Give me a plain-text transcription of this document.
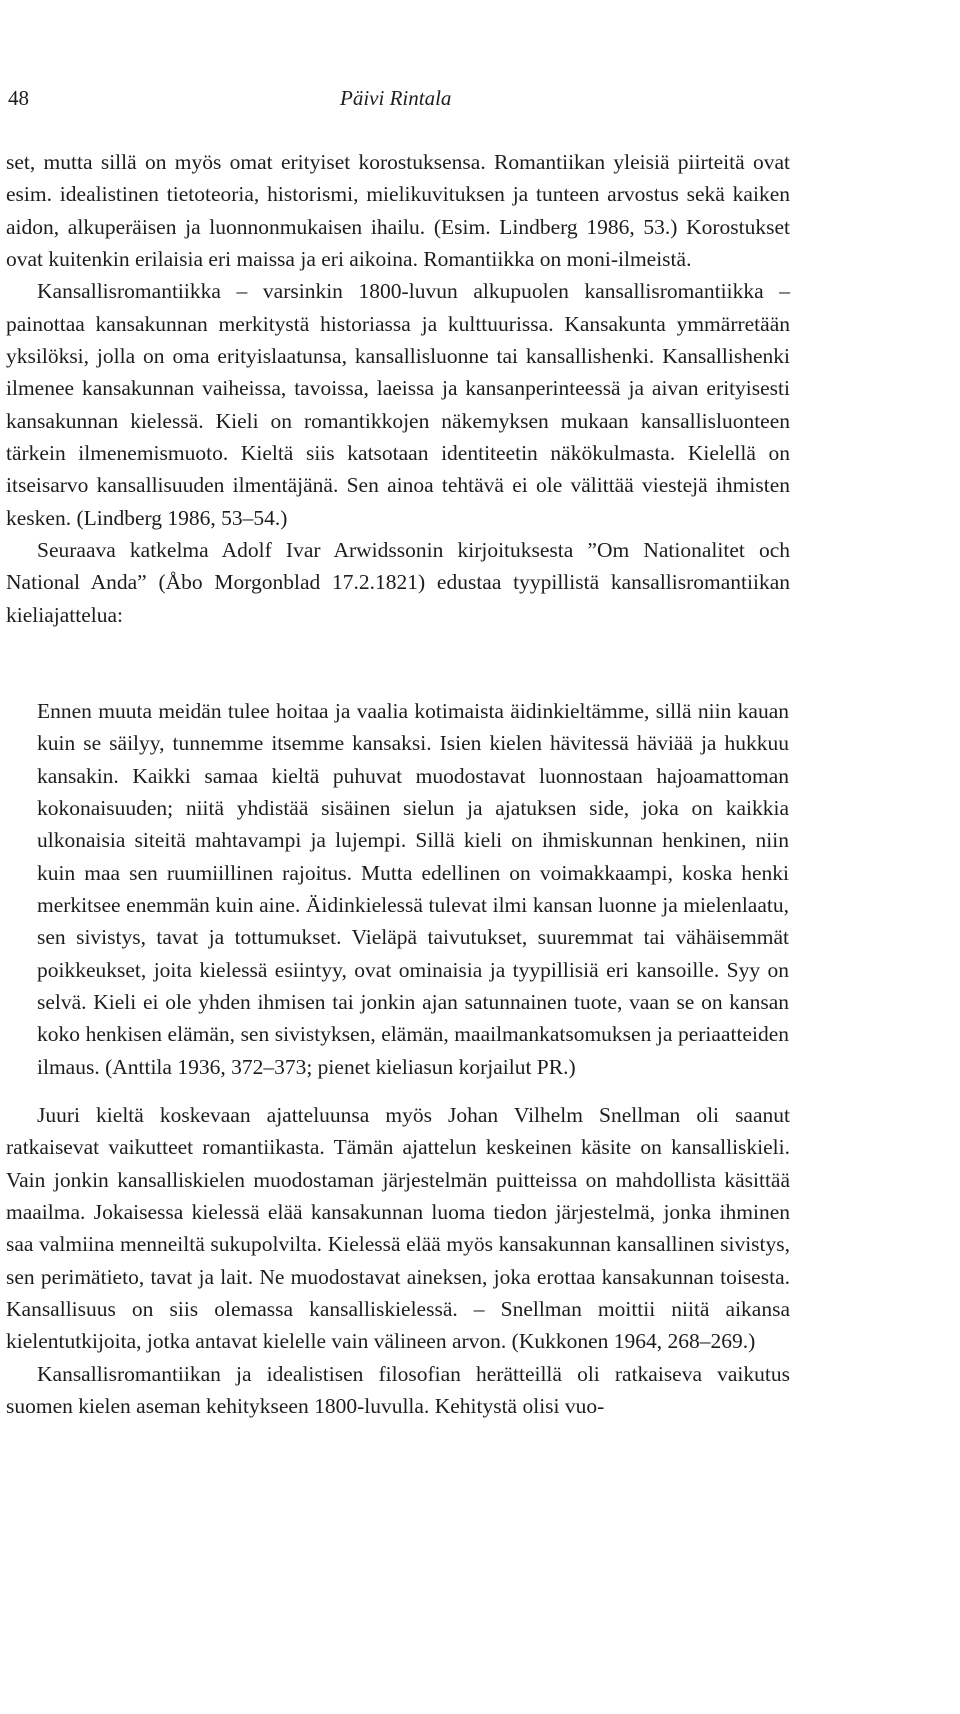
48	Päivi Rintala

set, mutta sillä on myös omat erityiset korostuksensa. Romantiikan yleisiä piirteitä ovat esim. idealistinen tietoteoria, historismi, mielikuvituksen ja tunteen arvostus sekä kaiken aidon, alkuperäisen ja luonnonmukaisen ihailu. (Esim. Lindberg 1986, 53.) Korostukset ovat kuitenkin erilaisia eri maissa ja eri aikoina. Romantiikka on moni-ilmeistä.

Kansallisromantiikka – varsinkin 1800-luvun alkupuolen kansallisromantiikka – painottaa kansakunnan merkitystä historiassa ja kulttuurissa. Kansakunta ymmärretään yksilöksi, jolla on oma erityislaatunsa, kansallisluonne tai kansallishenki. Kansallishenki ilmenee kansakunnan vaiheissa, tavoissa, laeissa ja kansanperinteessä ja aivan erityisesti kansakunnan kielessä. Kieli on romantikkojen näkemyksen mukaan kansallisluonteen tärkein ilmenemismuoto. Kieltä siis katsotaan identiteetin näkökulmasta. Kielellä on itseisarvo kansallisuuden ilmentäjänä. Sen ainoa tehtävä ei ole välittää viestejä ihmisten kesken. (Lindberg 1986, 53–54.)

Seuraava katkelma Adolf Ivar Arwidssonin kirjoituksesta ”Om Nationalitet och National Anda” (Åbo Morgonblad 17.2.1821) edustaa tyypillistä kansallisromantiikan kieliajattelua:

Ennen muuta meidän tulee hoitaa ja vaalia kotimaista äidinkieltämme, sillä niin kauan kuin se säilyy, tunnemme itsemme kansaksi. Isien kielen hävitessä häviää ja hukkuu kansakin. Kaikki samaa kieltä puhuvat muodostavat luonnostaan hajoamattoman kokonaisuuden; niitä yhdistää sisäinen sielun ja ajatuksen side, joka on kaikkia ulkonaisia siteitä mahtavampi ja lujempi. Sillä kieli on ihmiskunnan henkinen, niin kuin maa sen ruumiillinen rajoitus. Mutta edellinen on voimakkaampi, koska henki merkitsee enemmän kuin aine. Äidinkielessä tulevat ilmi kansan luonne ja mielenlaatu, sen sivistys, tavat ja tottumukset. Vieläpä taivutukset, suuremmat tai vähäisemmät poikkeukset, joita kielessä esiintyy, ovat ominaisia ja tyypillisiä eri kansoille. Syy on selvä. Kieli ei ole yhden ihmisen tai jonkin ajan satunnainen tuote, vaan se on kansan koko henkisen elämän, sen sivistyksen, elämän, maailmankatsomuksen ja periaatteiden ilmaus. (Anttila 1936, 372–373; pienet kieliasun korjailut PR.)

Juuri kieltä koskevaan ajatteluunsa myös Johan Vilhelm Snellman oli saanut ratkaisevat vaikutteet romantiikasta. Tämän ajattelun keskeinen käsite on kansalliskieli. Vain jonkin kansalliskielen muodostaman järjestelmän puitteissa on mahdollista käsittää maailma. Jokaisessa kielessä elää kansakunnan luoma tiedon järjestelmä, jonka ihminen saa valmiina menneiltä sukupolvilta. Kielessä elää myös kansakunnan kansallinen sivistys, sen perimätieto, tavat ja lait. Ne muodostavat aineksen, joka erottaa kansakunnan toisesta. Kansallisuus on siis olemassa kansalliskielessä. – Snellman moittii niitä aikansa kielentutkijoita, jotka antavat kielelle vain välineen arvon. (Kukkonen 1964, 268–269.)

Kansallisromantiikan ja idealistisen filosofian herätteillä oli ratkaiseva vaikutus suomen kielen aseman kehitykseen 1800-luvulla. Kehitystä olisi vuo-
